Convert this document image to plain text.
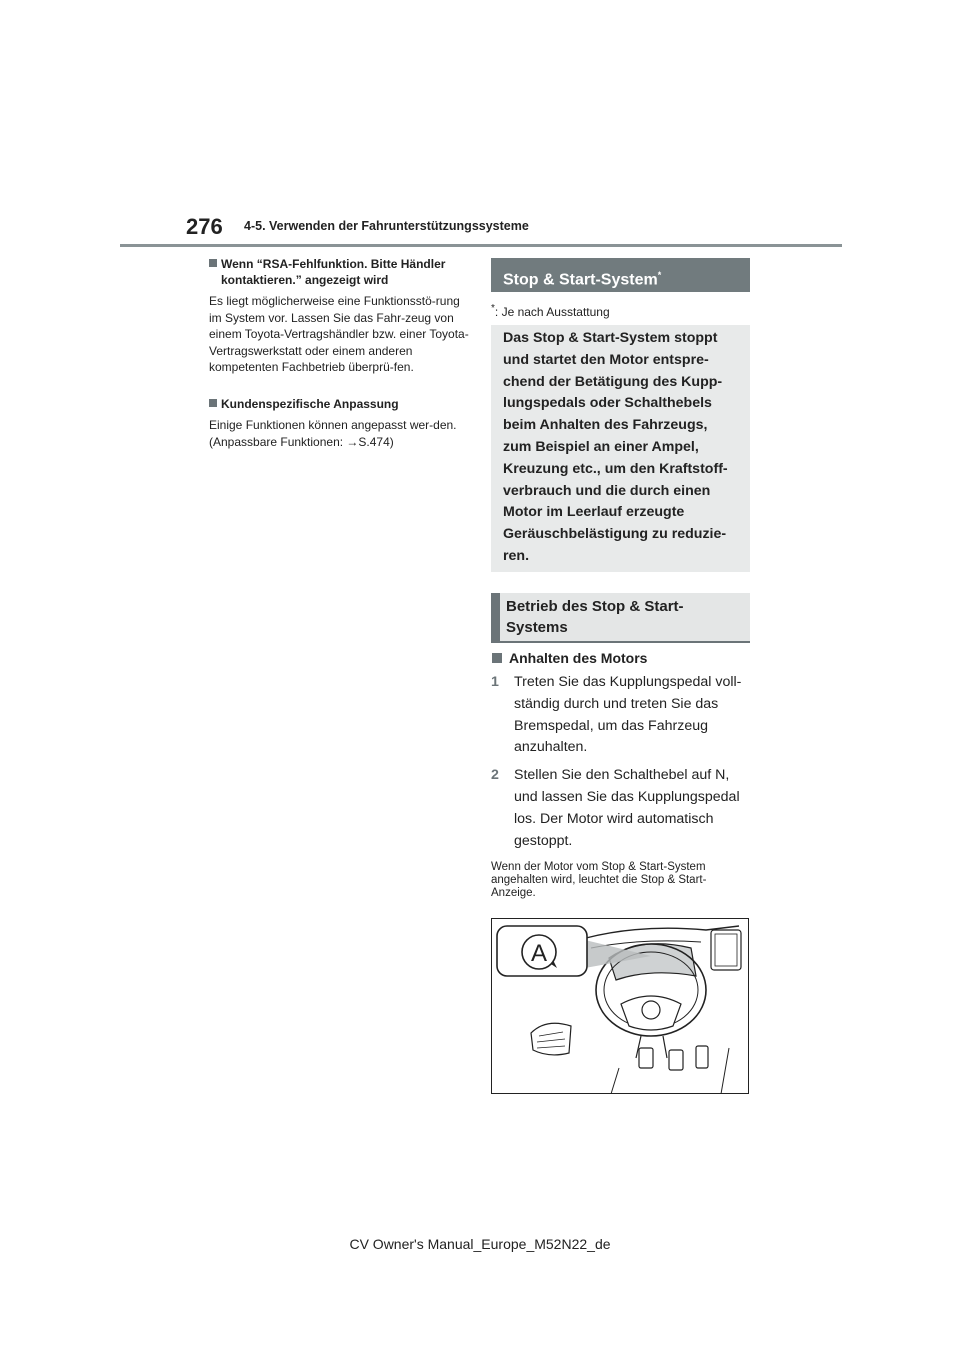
276 4-5. Verwenden der Fahrunterstützungssysteme
Wenn “RSA-Fehlfunktion. Bitte Händler kontaktieren.” angezeigt wird
Es liegt möglicherweise eine Funktionsstö-rung im System vor. Lassen Sie das Fahr-zeug von einem Toyota-Vertragshändler bzw. einer Toyota-Vertragswerkstatt oder einem anderen kompetenten Fachbetrieb überprü-fen.
Kundenspezifische Anpassung
Einige Funktionen können angepasst wer-den. (Anpassbare Funktionen: →S.474)
Stop & Start-System*
*: Je nach Ausstattung
Das Stop & Start-System stoppt und startet den Motor entspre-chend der Betätigung des Kupp-lungspedals oder Schalthebels beim Anhalten des Fahrzeugs, zum Beispiel an einer Ampel, Kreuzung etc., um den Kraftstoff-verbrauch und die durch einen Motor im Leerlauf erzeugte Geräuschbelästigung zu reduzie-ren.
Betrieb des Stop & Start-Systems
Anhalten des Motors
1 Treten Sie das Kupplungspedal voll-ständig durch und treten Sie das Bremspedal, um das Fahrzeug anzuhalten.
2 Stellen Sie den Schalthebel auf N, und lassen Sie das Kupplungspedal los. Der Motor wird automatisch gestoppt.
Wenn der Motor vom Stop & Start-System angehalten wird, leuchtet die Stop & Start-Anzeige.
A
CV Owner's Manual_Europe_M52N22_de
